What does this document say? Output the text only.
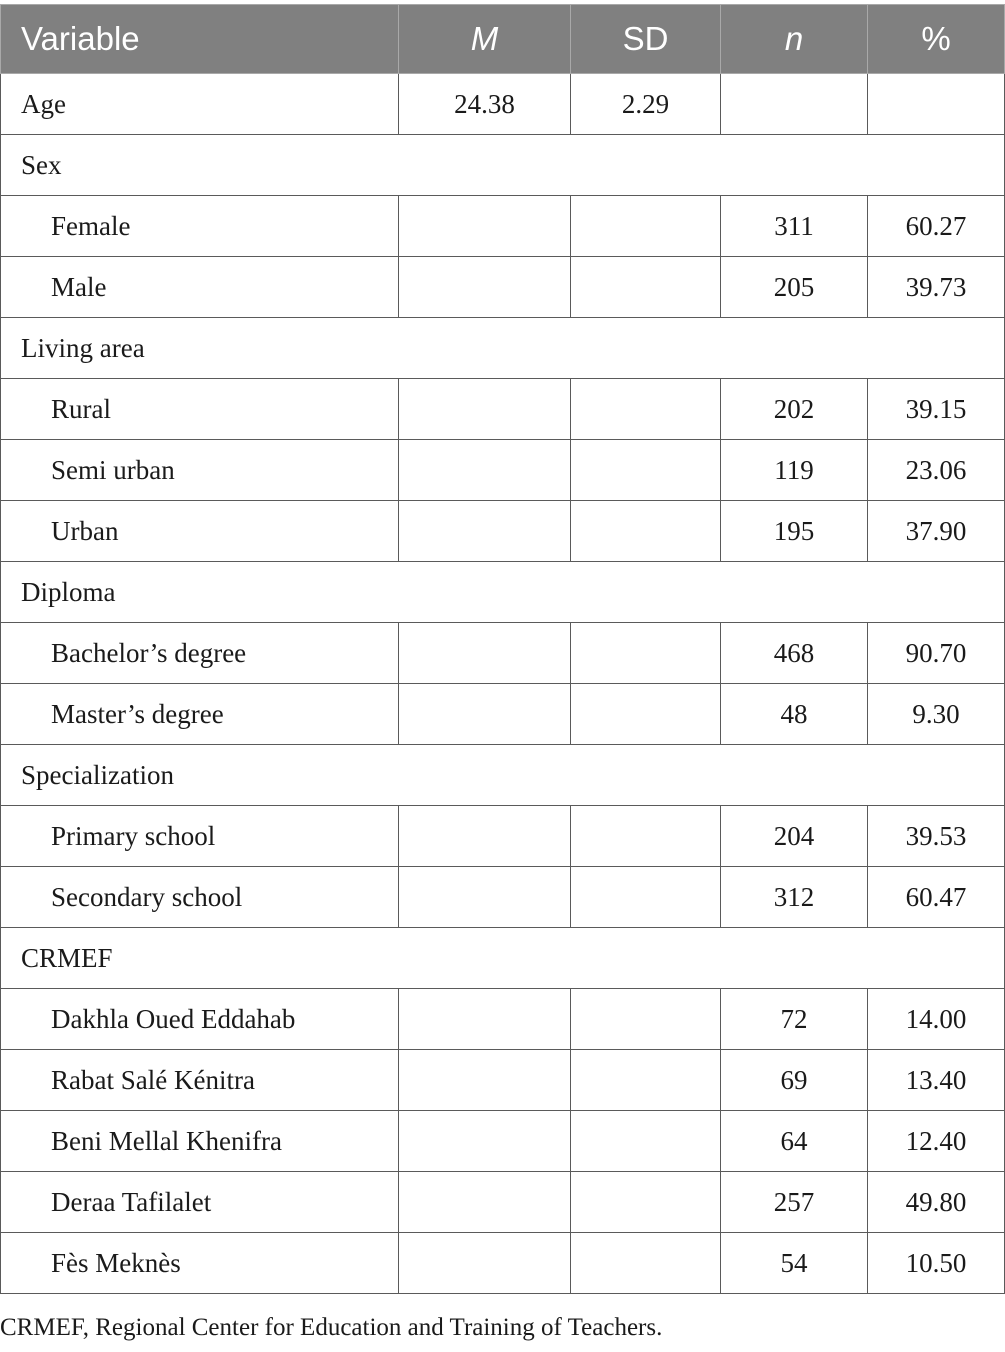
Variable	M	SD	n	%
Age	24.38	2.29		
Sex				
Female			311	60.27
Male			205	39.73
Living area				
Rural			202	39.15
Semi urban			119	23.06
Urban			195	37.90
Diploma				
Bachelor’s degree			468	90.70
Master’s degree			48	9.30
Specialization				
Primary school			204	39.53
Secondary school			312	60.47
CRMEF				
Dakhla Oued Eddahab			72	14.00
Rabat Salé Kénitra			69	13.40
Beni Mellal Khenifra			64	12.40
Deraa Tafilalet			257	49.80
Fès Meknès			54	10.50
CRMEF, Regional Center for Education and Training of Teachers.
